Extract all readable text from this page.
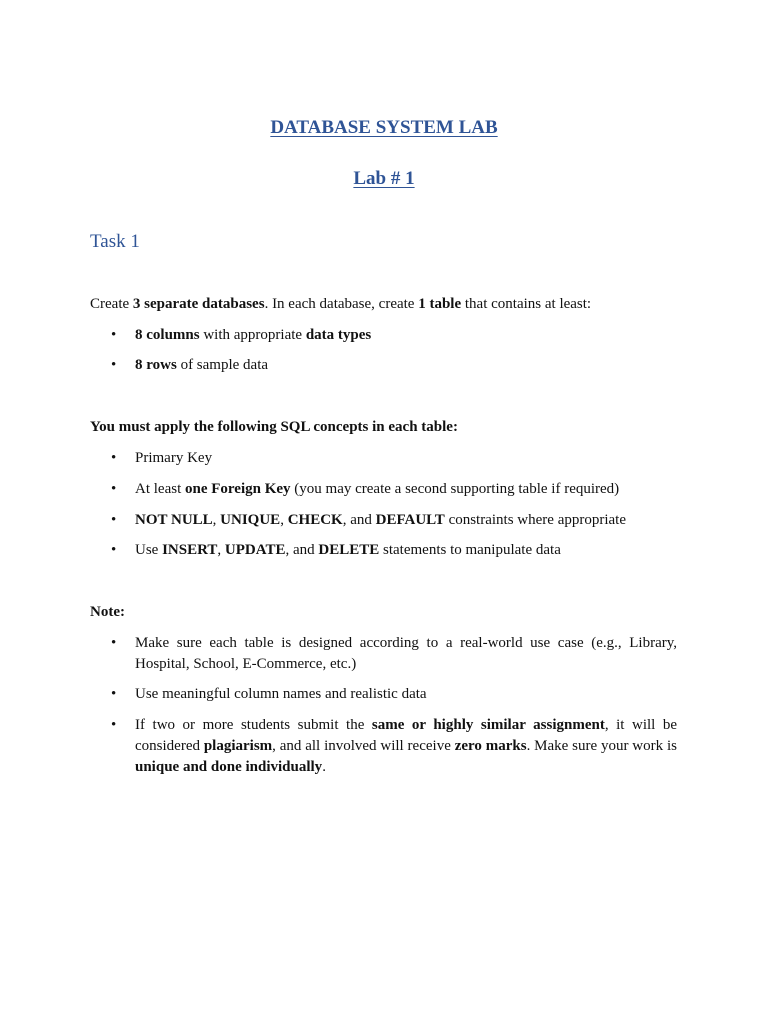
DATABASE SYSTEM LAB
Lab # 1
Task 1
Create 3 separate databases. In each database, create 1 table that contains at least:
• 8 columns with appropriate data types
• 8 rows of sample data
You must apply the following SQL concepts in each table:
• Primary Key
• At least one Foreign Key (you may create a second supporting table if required)
• NOT NULL, UNIQUE, CHECK, and DEFAULT constraints where appropriate
• Use INSERT, UPDATE, and DELETE statements to manipulate data
Note:
• Make sure each table is designed according to a real-world use case (e.g., Library, Hospital, School, E-Commerce, etc.)
• Use meaningful column names and realistic data
• If two or more students submit the same or highly similar assignment, it will be considered plagiarism, and all involved will receive zero marks. Make sure your work is unique and done individually.
